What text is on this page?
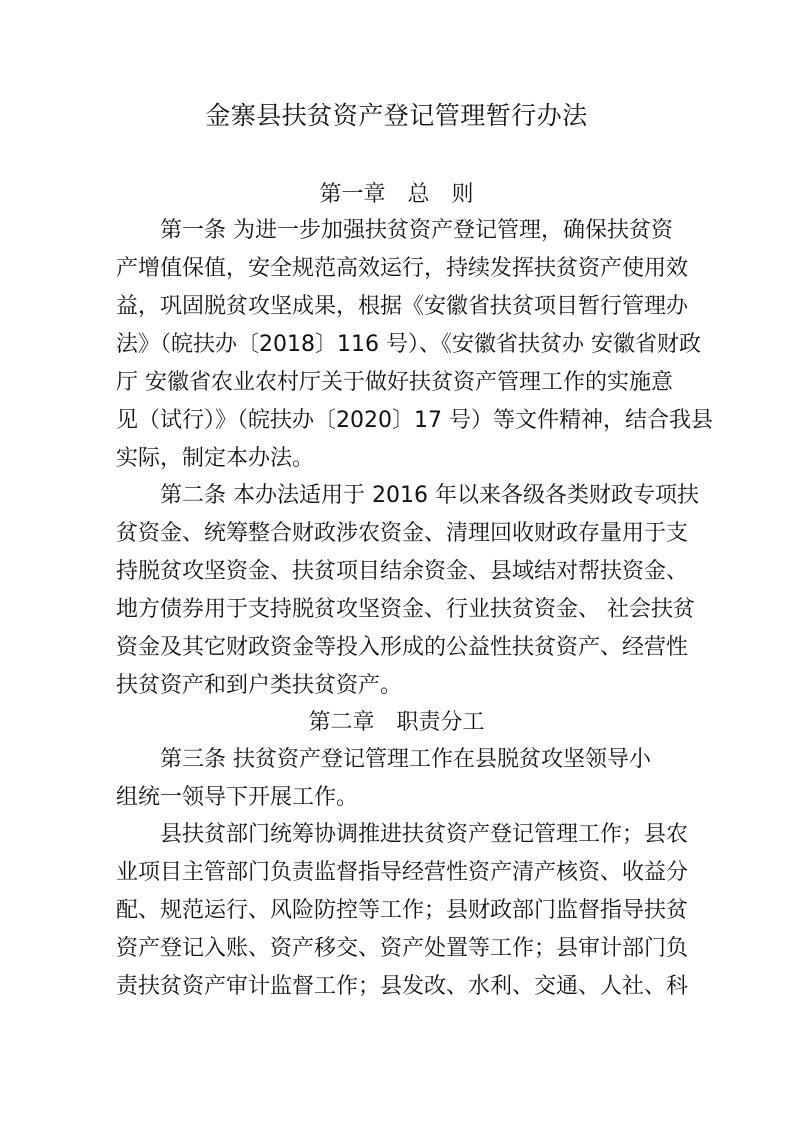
金寨县扶贫资产登记管理暂行办法
第一章　总　则
第一条 为进一步加强扶贫资产登记管理，确保扶贫资
产增值保值，安全规范高效运行，持续发挥扶贫资产使用效
益，巩固脱贫攻坚成果，根据《安徽省扶贫项目暂行管理办
法》（皖扶办〔2018〕116 号）、《安徽省扶贫办 安徽省财政
厅 安徽省农业农村厅关于做好扶贫资产管理工作的实施意
见（试行）》（皖扶办〔2020〕17 号）等文件精神，结合我县
实际，制定本办法。
第二条 本办法适用于 2016 年以来各级各类财政专项扶
贫资金、统筹整合财政涉农资金、清理回收财政存量用于支
持脱贫攻坚资金、扶贫项目结余资金、县域结对帮扶资金、
地方债券用于支持脱贫攻坚资金、行业扶贫资金、 社会扶贫
资金及其它财政资金等投入形成的公益性扶贫资产、经营性
扶贫资产和到户类扶贫资产。
第二章　职责分工
第三条 扶贫资产登记管理工作在县脱贫攻坚领导小
组统一领导下开展工作。
县扶贫部门统筹协调推进扶贫资产登记管理工作；县农
业项目主管部门负责监督指导经营性资产清产核资、收益分
配、规范运行、风险防控等工作；县财政部门监督指导扶贫
资产登记入账、资产移交、资产处置等工作；县审计部门负
责扶贫资产审计监督工作；县发改、水利、交通、人社、科
